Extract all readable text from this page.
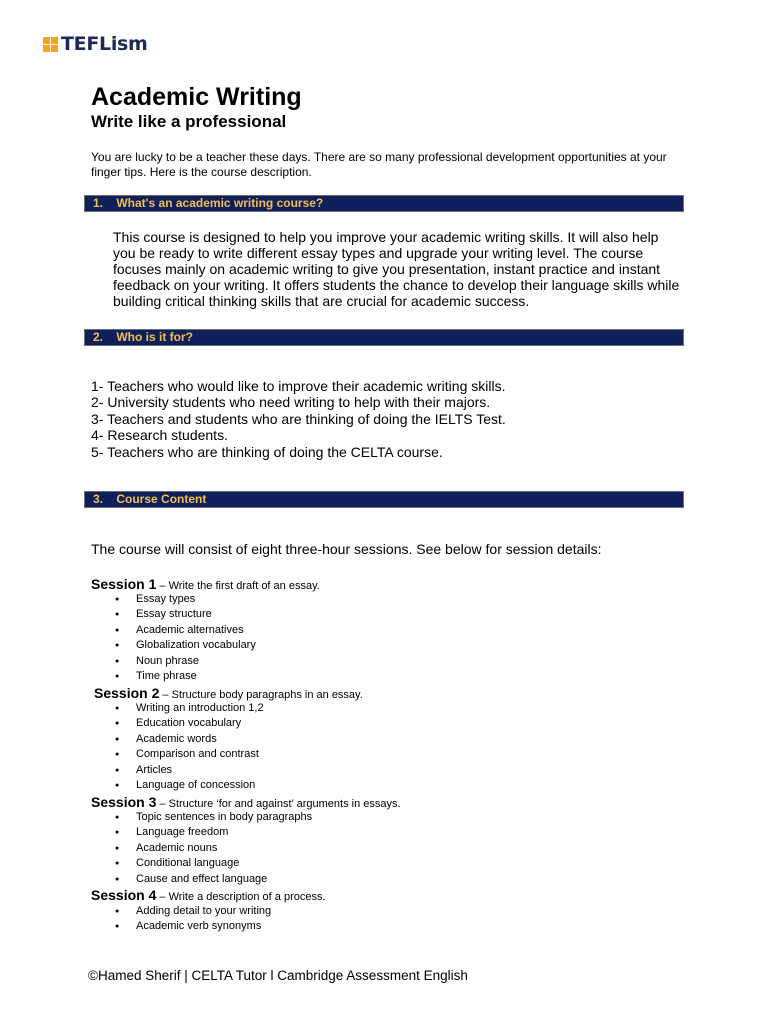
TEFLism
Academic Writing
Write like a professional

You are lucky to be a teacher these days. There are so many professional development opportunities at your finger tips. Here is the course description.

1. What's an academic writing course?

This course is designed to help you improve your academic writing skills. It will also help you be ready to write different essay types and upgrade your writing level. The course focuses mainly on academic writing to give you presentation, instant practice and instant feedback on your writing. It offers students the chance to develop their language skills while building critical thinking skills that are crucial for academic success.

2. Who is it for?
1- Teachers who would like to improve their academic writing skills.
2- University students who need writing to help with their majors.
3- Teachers and students who are thinking of doing the IELTS Test.
4- Research students.
5- Teachers who are thinking of doing the CELTA course.
3. Course Content

The course will consist of eight three-hour sessions. See below for session details:

Session 1 – Write the first draft of an essay.

● Essay types
● Essay structure
● Academic alternatives
● Globalization vocabulary
● Noun phrase
● Time phrase

Session 2 – Structure body paragraphs in an essay.

● Writing an introduction 1,2
● Education vocabulary
● Academic words
● Comparison and contrast
● Articles
● Language of concession

Session 3 – Structure ‘for and against’ arguments in essays.

● Topic sentences in body paragraphs
● Language freedom
● Academic nouns
● Conditional language
● Cause and effect language

Session 4 – Write a description of a process.

● Adding detail to your writing
● Academic verb synonyms

©Hamed Sherif | CELTA Tutor l Cambridge Assessment English
